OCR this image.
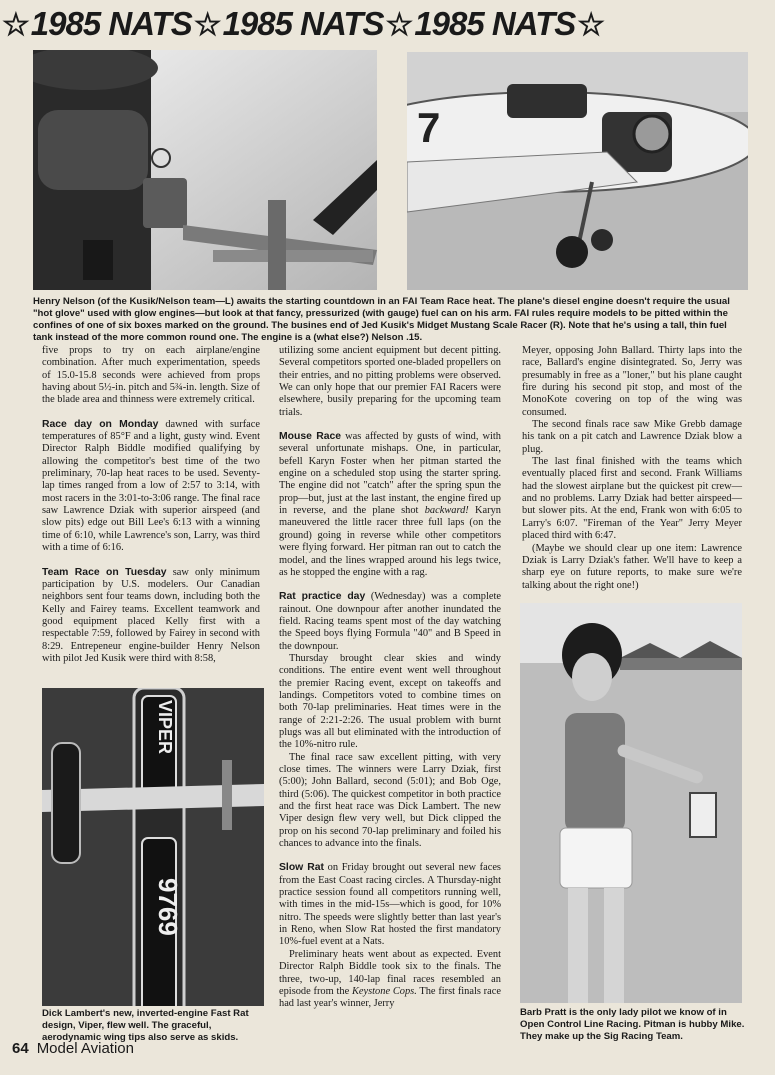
☆1985 NATS☆1985 NATS☆1985 NATS☆
7
Henry Nelson (of the Kusik/Nelson team—L) awaits the starting countdown in an FAI Team Race heat. The plane's diesel engine doesn't require the usual "hot glove" used with glow engines—but look at that fancy, pressurized (with gauge) fuel can on his arm. FAI rules require models to be pitted within the confines of one of six boxes marked on the ground. The busines end of Jed Kusik's Midget Mustang Scale Racer (R). Note that he's using a tall, thin fuel tank instead of the more common round one. The engine is a (what else?) Nelson .15.

five props to try on each airplane/engine combination. After much experimentation, speeds of 15.0-15.8 seconds were achieved from props having about 5½-in. pitch and 5¾-in. length. Size of the blade area and thinness were extremely critical.

Race day on Monday dawned with surface temperatures of 85°F and a light, gusty wind. Event Director Ralph Biddle modified qualifying by allowing the competitor's best time of the two preliminary, 70-lap heat races to be used. Seventy-lap times ranged from a low of 2:57 to 3:14, with most racers in the 3:01-to-3:06 range. The final race saw Lawrence Dziak with superior airspeed (and slow pits) edge out Bill Lee's 6:13 with a winning time of 6:10, while Lawrence's son, Larry, was third with a time of 6:16.

Team Race on Tuesday saw only minimum participation by U.S. modelers. Our Canadian neighbors sent four teams down, including both the Kelly and Fairey teams. Excellent teamwork and good equipment placed Kelly first with a respectable 7:59, followed by Fairey in second with 8:29. Entrepeneur engine-builder Henry Nelson with pilot Jed Kusik were third with 8:58,

utilizing some ancient equipment but decent pitting. Several competitors sported one-bladed propellers on their entries, and no pitting problems were observed. We can only hope that our premier FAI Racers were elsewhere, busily preparing for the upcoming team trials.

Mouse Race was affected by gusts of wind, with several unfortunate mishaps. One, in particular, befell Karyn Foster when her pitman started the engine on a scheduled stop using the starter spring. The engine did not "catch" after the spring spun the prop—but, just at the last instant, the engine fired up in reverse, and the plane shot backward! Karyn maneuvered the little racer three full laps (on the ground) going in reverse while other competitors were flying forward. Her pitman ran out to catch the model, and the lines wrapped around his legs twice, as he stopped the engine with a rag.

Rat practice day (Wednesday) was a complete rainout. One downpour after another inundated the field. Racing teams spent most of the day watching the Speed boys flying Formula "40" and B Speed in the downpour.

Thursday brought clear skies and windy conditions. The entire event went well throughout the premier Racing event, except on takeoffs and landings. Competitors voted to combine times on both 70-lap preliminaries. Heat times were in the range of 2:21-2:26. The usual problem with burnt plugs was all but eliminated with the introduction of the 10%-nitro rule.

The final race saw excellent pitting, with very close times. The winners were Larry Dziak, first (5:00); John Ballard, second (5:01); and Bob Oge, third (5:06). The quickest competitor in both practice and the first heat race was Dick Lambert. The new Viper design flew very well, but Dick clipped the prop on his second 70-lap preliminary and foiled his chances to advance into the finals.

Slow Rat on Friday brought out several new faces from the East Coast racing circles. A Thursday-night practice session found all competitors running well, with times in the mid-15s—which is good, for 10% nitro. The speeds were slightly better than last year's in Reno, when Slow Rat hosted the first mandatory 10%-fuel event at a Nats.

Preliminary heats went about as expected. Event Director Ralph Biddle took six to the finals. The three, two-up, 140-lap final races resembled an episode from the Keystone Cops. The first finals race had last year's winner, Jerry

Meyer, opposing John Ballard. Thirty laps into the race, Ballard's engine disintegrated. So, Jerry was presumably in free as a "loner," but his plane caught fire during his second pit stop, and most of the MonoKote covering on top of the wing was consumed.

The second finals race saw Mike Grebb damage his tank on a pit catch and Lawrence Dziak blow a plug.

The last final finished with the teams which eventually placed first and second. Frank Williams had the slowest airplane but the quickest pit crew—and no problems. Larry Dziak had better airspeed—but slower pits. At the end, Frank won with 6:05 to Larry's 6:07. "Fireman of the Year" Jerry Meyer placed third with 6:47.

(Maybe we should clear up one item: Lawrence Dziak is Larry Dziak's father. We'll have to keep a sharp eye on future reports, to make sure we're talking about the right one!)

VIPER
9769
Dick Lambert's new, inverted-engine Fast Rat design, Viper, flew well. The graceful, aerodynamic wing tips also serve as skids.
Barb Pratt is the only lady pilot we know of in Open Control Line Racing. Pitman is hubby Mike. They make up the Sig Racing Team.
64 Model Aviation
